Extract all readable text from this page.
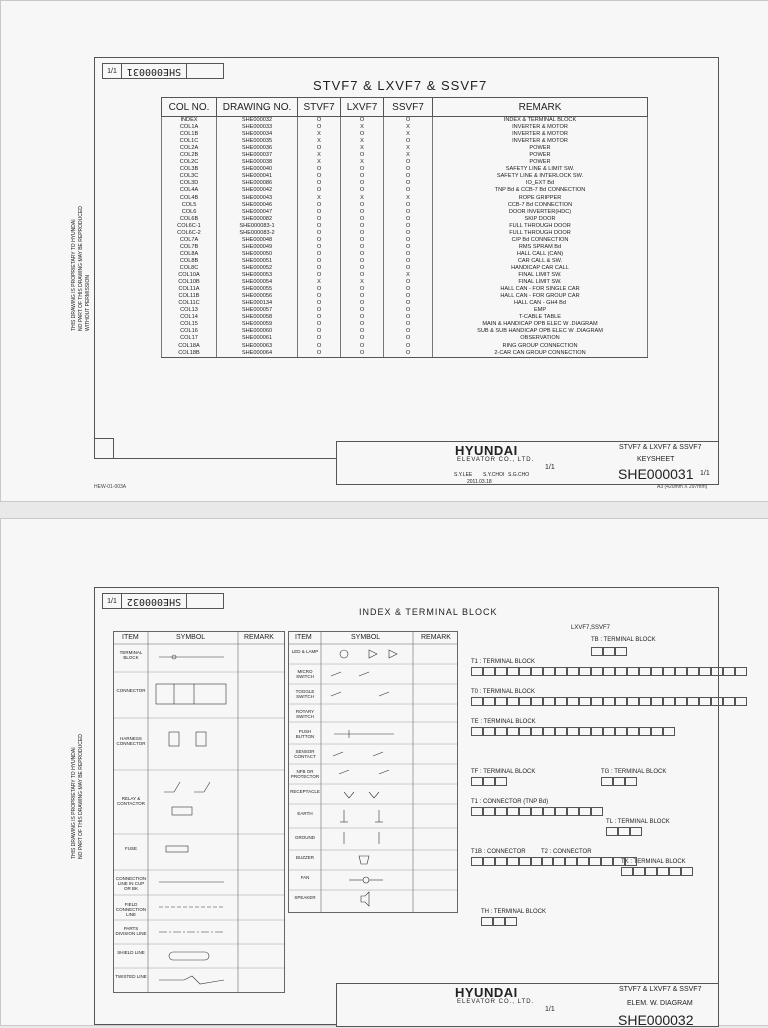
1/1	SHE000031
STVF7 & LXVF7 & SSVF7
COL NO.	DRAWING NO.	STVF7	LXVF7	SSVF7	REMARK
INDEX	SHE000032	O	O	O	INDEX & TERMINAL BLOCK
COL1A	SHE000033	O	X	X	INVERTER & MOTOR
COL1B	SHE000034	X	O	X	INVERTER & MOTOR
COL1C	SHE000035	X	X	O	INVERTER & MOTOR
COL2A	SHE000036	O	X	X	POWER
COL2B	SHE000037	X	O	X	POWER
COL2C	SHE000038	X	X	O	POWER
COL3B	SHE000040	O	O	O	SAFETY LINE & LIMIT SW.
COL3C	SHE000041	O	O	O	SAFETY LINE & INTERLOCK SW.
COL3D	SHE000086	O	O	O	IO_EXT Bd
COL4A	SHE000042	O	O	O	TNP Bd & CCB-7 Bd CONNECTION
COL4B	SHE000043	X	X	X	ROPE GRIPPER
COL5	SHE000046	O	O	O	CCB-7 Bd CONNECTION
COL6	SHE000047	O	O	O	DOOR INVERTER(HDC)
COL6B	SHE000082	O	O	O	SKIP DOOR
COL6C-1	SHE000083-1	O	O	O	FULL THROUGH DOOR
COL6C-2	SHE000083-2	O	O	O	FULL THROUGH DOOR
COL7A	SHE000048	O	O	O	C/P Bd CONNECTION
COL7B	SHE000049	O	O	O	RMS SPRAM Bd
COL8A	SHE000050	O	O	O	HALL CALL (CAN)
COL8B	SHE000051	O	O	O	CAR CALL & SW.
COL8C	SHE000052	O	O	O	HANDICAP CAR CALL
COL10A	SHE000053	O	O	X	FINAL LIMIT SW.
COL10B	SHE000054	X	X	O	FINAL LIMIT SW.
COL11A	SHE000055	O	O	O	HALL CAN - FOR SINGLE CAR
COL11B	SHE000056	O	O	O	HALL CAN - FOR GROUP CAR
COL11C	SHE000134	O	O	O	HALL CAN - GH4 Bd
COL13	SHE000057	O	O	O	EMP
COL14	SHE000058	O	O	O	T-CABLE TABLE
COL15	SHE000059	O	O	O	MAIN & HANDICAP OPB ELEC W .DIAGRAM
COL16	SHE000060	O	O	O	SUB & SUB HANDICAP OPB ELEC W .DIAGRAM
COL17	SHE000061	O	O	O	OBSERVATION
COL18A	SHE000063	O	O	O	RING GROUP CONNECTION
COL18B	SHE000064	O	O	O	2-CAR CAN GROUP CONNECTION
THIS DRAWING IS PROPRIETARY TO HYUNDAI NO PART OF THIS DRAWING MAY BE REPRODUCED WITHOUT PERMISSION
HYUNDAI
ELEVATOR CO., LTD.
S.Y.LEE S.Y.CHOI S.G.CHO
2011.03.18
1/1
STVF7 & LXVF7 & SSVF7
KEYSHEET
SHE000031 1/1
HEW-01-003A	A3 (420mm X 297mm)
1/1	SHE000032
INDEX & TERMINAL BLOCK
ITEM	SYMBOL	REMARK
TERMINAL BLOCK
CONNECTOR
HARNESS CONNECTOR
RELAY & CONTACTOR
FUSE
CONNECTION LINE IN CUP OR BK
FIELD CONNECTION LINE
PARTS DIVISION LINE
SHIELD LINE
TWISTED LINE
ITEM	SYMBOL	REMARK
LED & LAMP
MICRO SWITCH
TOGGLE SWITCH
ROTARY SWITCH
PUSH BUTTON
SENSOR CONTACT
NFB OR PROTECTOR
RECEPTACLE
EARTH
GROUND
BUZZER
FAN
SPEAKER
LXVF7,SSVF7
TB : TERMINAL BLOCK
T1 : TERMINAL BLOCK
T0 : TERMINAL BLOCK
TE : TERMINAL BLOCK
TF : TERMINAL BLOCK	TG : TERMINAL BLOCK
T1 : CONNECTOR (TNP Bd)
TL : TERMINAL BLOCK
T1B : CONNECTOR	T2 : CONNECTOR
TK : TERMINAL BLOCK
TH : TERMINAL BLOCK
THIS DRAWING IS PROPRIETARY TO HYUNDAI NO PART OF THIS DRAWING MAY BE REPRODUCED
HYUNDAI
ELEVATOR CO., LTD.
1/1
STVF7 & LXVF7 & SSVF7
ELEM. W. DIAGRAM
SHE000032
